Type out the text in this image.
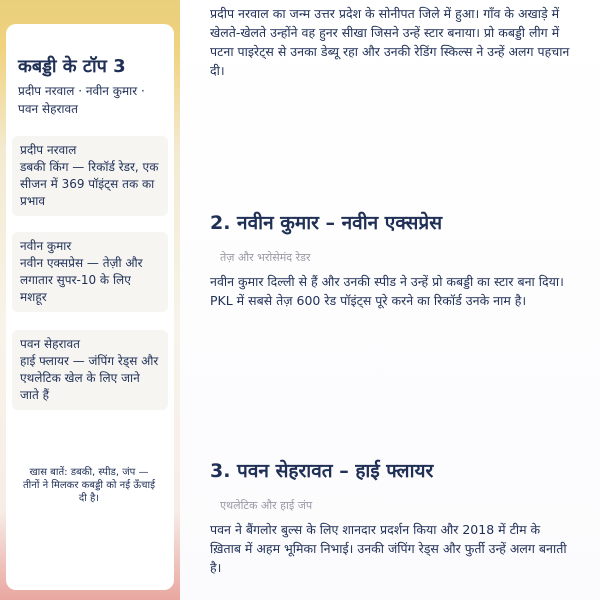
कबड्डी के टॉप 3
प्रदीप नरवाल · नवीन कुमार · पवन सेहरावत
प्रदीप नरवाल
डबकी किंग — रिकॉर्ड रेडर, एक सीजन में 369 पॉइंट्स तक का प्रभाव
नवीन कुमार
नवीन एक्सप्रेस — तेज़ी और लगातार सुपर-10 के लिए मशहूर
पवन सेहरावत
हाई फ्लायर — जंपिंग रेड्स और एथलेटिक खेल के लिए जाने जाते हैं
खास बातें: डबकी, स्पीड, जंप — तीनों ने मिलकर कबड्डी को नई ऊँचाई दी है।
प्रदीप नरवाल का जन्म उत्तर प्रदेश के सोनीपत जिले में हुआ। गाँव के अखाड़े में खेलते-खेलते उन्होंने वह हुनर सीखा जिसने उन्हें स्टार बनाया। प्रो कबड्डी लीग में पटना पाइरेट्स से उनका डेब्यू रहा और उनकी रेडिंग स्किल्स ने उन्हें अलग पहचान दी।
2. नवीन कुमार – नवीन एक्सप्रेस
तेज़ और भरोसेमंद रेडर
नवीन कुमार दिल्ली से हैं और उनकी स्पीड ने उन्हें प्रो कबड्डी का स्टार बना दिया। PKL में सबसे तेज़ 600 रेड पॉइंट्स पूरे करने का रिकॉर्ड उनके नाम है।
3. पवन सेहरावत – हाई फ्लायर
एथलेटिक और हाई जंप
पवन ने बैंगलोर बुल्स के लिए शानदार प्रदर्शन किया और 2018 में टीम के ख़िताब में अहम भूमिका निभाई। उनकी जंपिंग रेड्स और फुर्ती उन्हें अलग बनाती है।
